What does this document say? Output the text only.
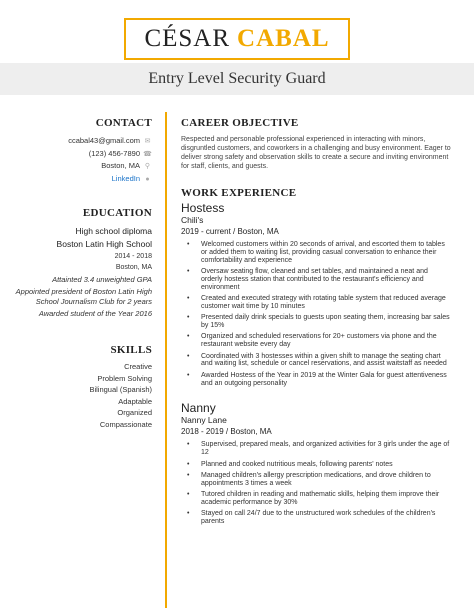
CÉSAR CABAL
Entry Level Security Guard
CONTACT
ccabal43@gmail.com ✉
(123) 456-7890 ☎
Boston, MA ⚲
LinkedIn ●
EDUCATION
High school diploma
Boston Latin High School
2014 - 2018
Boston, MA
Attainted 3.4 unweighted GPA
Appointed president of Boston Latin High School Journalism Club for 2 years
Awarded student of the Year 2016
SKILLS
Creative
Problem Solving
Bilingual (Spanish)
Adaptable
Organized
Compassionate
CAREER OBJECTIVE
Respected and personable professional experienced in interacting with minors, disgruntled customers, and coworkers in a challenging and busy environment. Eager to deliver strong safety and observation skills to create a secure and inviting environment for staff, clients, and guests.
WORK EXPERIENCE
Hostess
Chili's
2019 - current / Boston, MA
• Welcomed customers within 20 seconds of arrival, and escorted them to tables or added them to waiting list, providing casual conversation to enhance their comfortability and experience
• Oversaw seating flow, cleaned and set tables, and maintained a neat and orderly hostess station that contributed to the restaurant's efficiency and environment
• Created and executed strategy with rotating table system that reduced average customer wait time by 10 minutes
• Presented daily drink specials to guests upon seating them, increasing bar sales by 15%
• Organized and scheduled reservations for 20+ customers via phone and the restaurant website every day
• Coordinated with 3 hostesses within a given shift to manage the seating chart and waiting list, schedule or cancel reservations, and assist waitstaff as needed
• Awarded Hostess of the Year in 2019 at the Winter Gala for guest attentiveness and an outgoing personality
Nanny
Nanny Lane
2018 - 2019 / Boston, MA
• Supervised, prepared meals, and organized activities for 3 girls under the age of 12
• Planned and cooked nutritious meals, following parents' notes
• Managed children's allergy prescription medications, and drove children to appointments 3 times a week
• Tutored children in reading and mathematic skills, helping them improve their academic performance by 30%
• Stayed on call 24/7 due to the unstructured work schedules of the children's parents
